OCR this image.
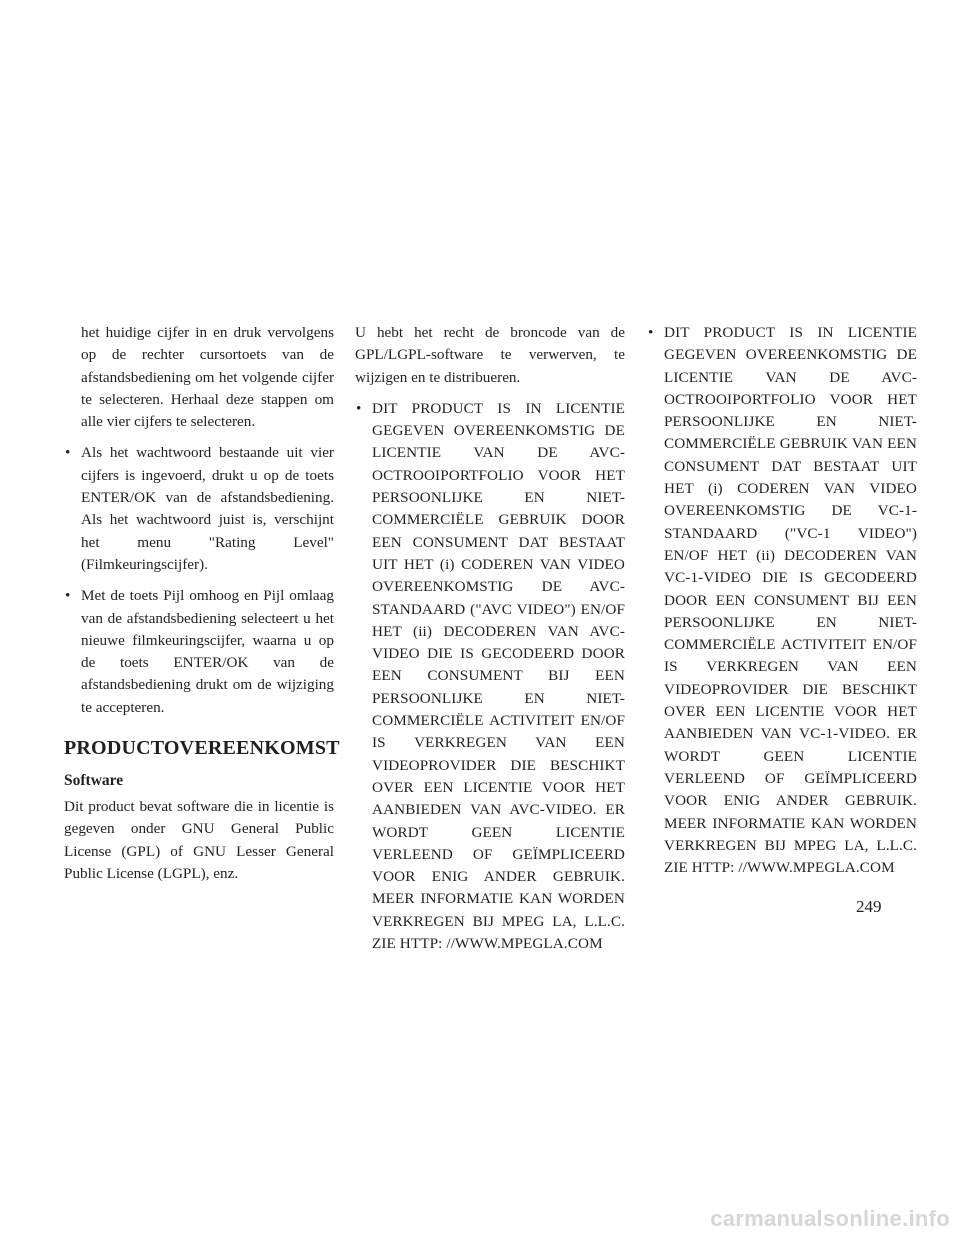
het huidige cijfer in en druk vervolgens op de rechter cursortoets van de afstandsbediening om het volgende cijfer te selecteren. Herhaal deze stappen om alle vier cijfers te selecteren.

• Als het wachtwoord bestaande uit vier cijfers is ingevoerd, drukt u op de toets ENTER/OK van de afstandsbediening. Als het wachtwoord juist is, verschijnt het menu "Rating Level" (Filmkeuringscijfer).
• Met de toets Pijl omhoog en Pijl omlaag van de afstandsbediening selecteert u het nieuwe filmkeuringscijfer, waarna u op de toets ENTER/OK van de afstandsbediening drukt om de wijziging te accepteren.
PRODUCTOVEREENKOMST
Software

Dit product bevat software die in licentie is gegeven onder GNU General Public License (GPL) of GNU Lesser General Public License (LGPL), enz.

U hebt het recht de broncode van de GPL/LGPL-software te verwerven, te wijzigen en te distribueren.

• DIT PRODUCT IS IN LICENTIE GEGEVEN OVEREENKOMSTIG DE LICENTIE VAN DE AVC-OCTROOIPORTFOLIO VOOR HET PERSOONLIJKE EN NIET-COMMERCIËLE GEBRUIK DOOR EEN CONSUMENT DAT BESTAAT UIT HET (i) CODEREN VAN VIDEO OVEREENKOMSTIG DE AVC-STANDAARD ("AVC VIDEO") EN/OF HET (ii) DECODEREN VAN AVC-VIDEO DIE IS GECODEERD DOOR EEN CONSUMENT BIJ EEN PERSOONLIJKE EN NIET-COMMERCIËLE ACTIVITEIT EN/OF IS VERKREGEN VAN EEN VIDEOPROVIDER DIE BESCHIKT OVER EEN LICENTIE VOOR HET AANBIEDEN VAN AVC-VIDEO. ER WORDT GEEN LICENTIE VERLEEND OF GEÏMPLICEERD VOOR ENIG ANDER GEBRUIK. MEER INFORMATIE KAN WORDEN VERKREGEN BIJ MPEG LA, L.L.C. ZIE HTTP: //WWW.MPEGLA.COM
• DIT PRODUCT IS IN LICENTIE GEGEVEN OVEREENKOMSTIG DE LICENTIE VAN DE AVC-OCTROOIPORTFOLIO VOOR HET PERSOONLIJKE EN NIET-COMMERCIËLE GEBRUIK VAN EEN CONSUMENT DAT BESTAAT UIT HET (i) CODEREN VAN VIDEO OVEREENKOMSTIG DE VC-1-STANDAARD ("VC-1 VIDEO") EN/OF HET (ii) DECODEREN VAN VC-1-VIDEO DIE IS GECODEERD DOOR EEN CONSUMENT BIJ EEN PERSOONLIJKE EN NIET-COMMERCIËLE ACTIVITEIT EN/OF IS VERKREGEN VAN EEN VIDEOPROVIDER DIE BESCHIKT OVER EEN LICENTIE VOOR HET AANBIEDEN VAN VC-1-VIDEO. ER WORDT GEEN LICENTIE VERLEEND OF GEÏMPLICEERD VOOR ENIG ANDER GEBRUIK. MEER INFORMATIE KAN WORDEN VERKREGEN BIJ MPEG LA, L.L.C. ZIE HTTP: //WWW.MPEGLA.COM
249
carmanualsonline.info
